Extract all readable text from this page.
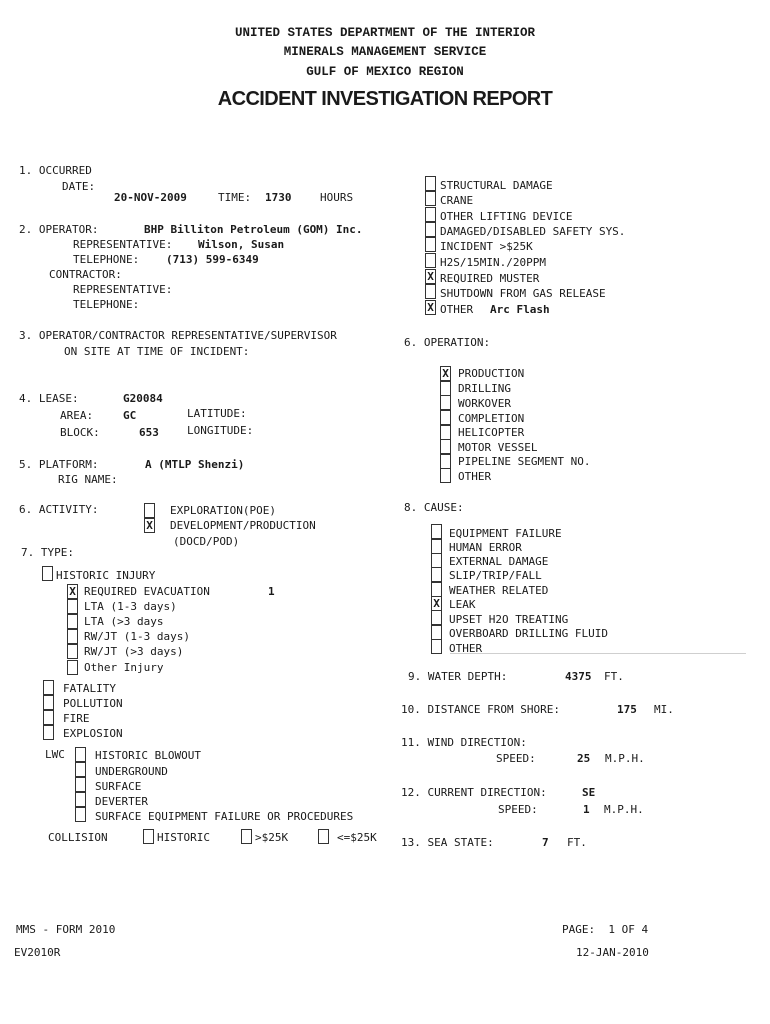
UNITED STATES DEPARTMENT OF THE INTERIOR
MINERALS MANAGEMENT SERVICE
GULF OF MEXICO REGION
ACCIDENT INVESTIGATION REPORT
1. OCCURRED
DATE:
20-NOV-2009	TIME: 1730	HOURS
2. OPERATOR:	BHP Billiton Petroleum (GOM) Inc.
REPRESENTATIVE: Wilson, Susan
TELEPHONE: (713) 599-6349
CONTRACTOR:
REPRESENTATIVE:
TELEPHONE:
3. OPERATOR/CONTRACTOR REPRESENTATIVE/SUPERVISOR
ON SITE AT TIME OF INCIDENT:
4. LEASE:	G20084
AREA:	GC	LATITUDE:
BLOCK:	653	LONGITUDE:
5. PLATFORM:	A (MTLP Shenzi)
RIG NAME:
6. ACTIVITY:	EXPLORATION(POE)
X DEVELOPMENT/PRODUCTION
(DOCD/POD)
7. TYPE:
HISTORIC INJURY
X REQUIRED EVACUATION	1
LTA (1-3 days)
LTA (>3 days
RW/JT (1-3 days)
RW/JT (>3 days)
Other Injury
FATALITY
POLLUTION
FIRE
EXPLOSION
LWC	HISTORIC BLOWOUT
UNDERGROUND
SURFACE
DEVERTER
SURFACE EQUIPMENT FAILURE OR PROCEDURES
COLLISION	HISTORIC	>$25K	<=$25K
STRUCTURAL DAMAGE
CRANE
OTHER LIFTING DEVICE
DAMAGED/DISABLED SAFETY SYS.
INCIDENT >$25K
H2S/15MIN./20PPM
X REQUIRED MUSTER
SHUTDOWN FROM GAS RELEASE
X OTHER Arc Flash
6. OPERATION:
X PRODUCTION
DRILLING
WORKOVER
COMPLETION
HELICOPTER
MOTOR VESSEL
PIPELINE SEGMENT NO.
OTHER
8. CAUSE:
EQUIPMENT FAILURE
HUMAN ERROR
EXTERNAL DAMAGE
SLIP/TRIP/FALL
WEATHER RELATED
X LEAK
UPSET H2O TREATING
OVERBOARD DRILLING FLUID
OTHER
9. WATER DEPTH:	4375 FT.
10. DISTANCE FROM SHORE:	175 MI.
11. WIND DIRECTION:
SPEED:	25 M.P.H.
12. CURRENT DIRECTION:	SE
SPEED:	1 M.P.H.
13. SEA STATE:	7 FT.
MMS - FORM 2010	PAGE:  1 OF 4
EV2010R	12-JAN-2010
